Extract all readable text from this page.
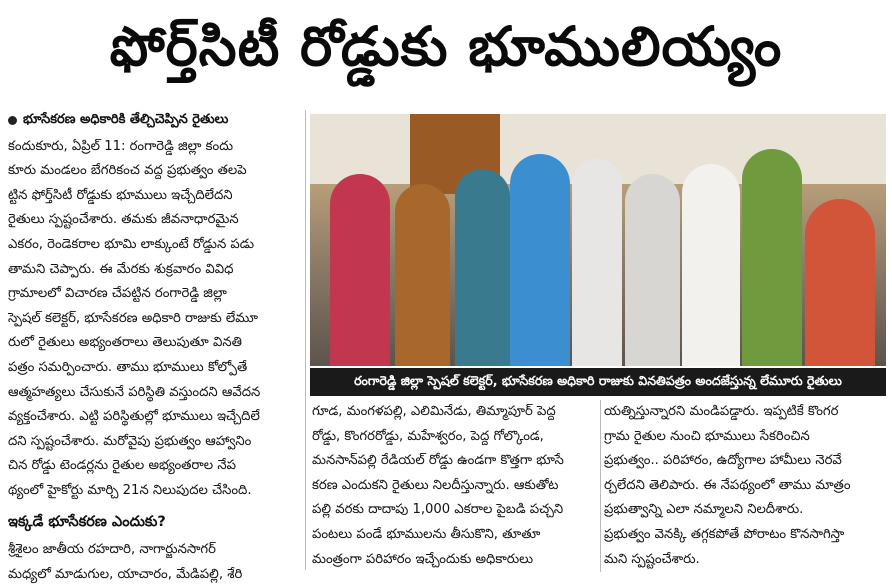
ఫోర్త్‌సిటీ రోడ్డుకు భూములియ్యం
భూసేకరణ అధికారికి తేల్చిచెప్పిన రైతులు
కందుకూరు, ఏప్రిల్ 11: రంగారెడ్డి జిల్లా కందు
కూరు మండలం బేగరికంచ వద్ద ప్రభుత్వం తలపె
ట్టిన ఫోర్త్‌సిటీ రోడ్డుకు భూములు ఇచ్చేదిలేదని
రైతులు స్పష్టంచేశారు. తమకు జీవనాధారమైన
ఎకరం, రెండెకరాల భూమి లాక్కుంటే రోడ్డున పడు
తామని చెప్పారు. ఈ మేరకు శుక్రవారం వివిధ
గ్రామాలలో విచారణ చేపట్టిన రంగారెడ్డి జిల్లా
స్పెషల్ కలెక్టర్, భూసేకరణ అధికారి రాజుకు లేమూ
రులో రైతులు అభ్యంతరాలు తెలుపుతూ వినతి
పత్రం సమర్పించారు. తాము భూములు కోల్పోతే
ఆత్మహత్యలు చేసుకునే పరిస్థితి వస్తుందని ఆవేదన
వ్యక్తంచేశారు. ఎట్టి పరిస్థితుల్లో భూములు ఇచ్చేదిలే
దని స్పష్టంచేశారు. మరోవైపు ప్రభుత్వం ఆహ్వానిం
చిన రోడ్డు టెండర్లను రైతుల అభ్యంతరాల నేప
థ్యంలో హైకోర్టు మార్చి 21న నిలుపుదల చేసింది.
ఇక్కడే భూసేకరణ ఎందుకు?
శ్రీశైలం జాతీయ రహదారి, నాగార్జునసాగర్
మధ్యలో మాడుగుల, యాచారం, మేడిపల్లి, శేరి
రంగారెడ్డి జిల్లా స్పెషల్ కలెక్టర్, భూసేకరణ అధికారి రాజుకు వినతిపత్రం అందజేస్తున్న లేమూరు రైతులు
గూడ, మంగళపల్లి, ఎలిమినేడు, తిమ్మాపూర్ పెద్ద
రోడ్డు, కొంగరరోడ్డు, మహేశ్వరం, పెద్ద గోల్కొండ,
మనసాన్‌పల్లి రేడియల్ రోడ్డు ఉండగా కొత్తగా భూసే
కరణ ఎందుకని రైతులు నిలదీస్తున్నారు. ఆకుతోట
పల్లి వరకు దాదాపు 1,000 ఎకరాల పైబడి పచ్చని
పంటలు పండే భూములను తీసుకొని, తూతూ
మంత్రంగా పరిహారం ఇచ్చేందుకు అధికారులు
యత్నిస్తున్నారని మండిపడ్డారు. ఇప్పటికే కొంగర
గ్రామ రైతుల నుంచి భూములు సేకరించిన
ప్రభుత్వం.. పరిహారం, ఉద్యోగాల హామీలు నెరవే
ర్చలేదని తెలిపారు. ఈ నేపథ్యంలో తాము మాత్రం
ప్రభుత్వాన్ని ఎలా నమ్మాలని నిలదీశారు.
ప్రభుత్వం వెనక్కి తగ్గకపోతే పోరాటం కొనసాగిస్తా
మని స్పష్టంచేశారు.
